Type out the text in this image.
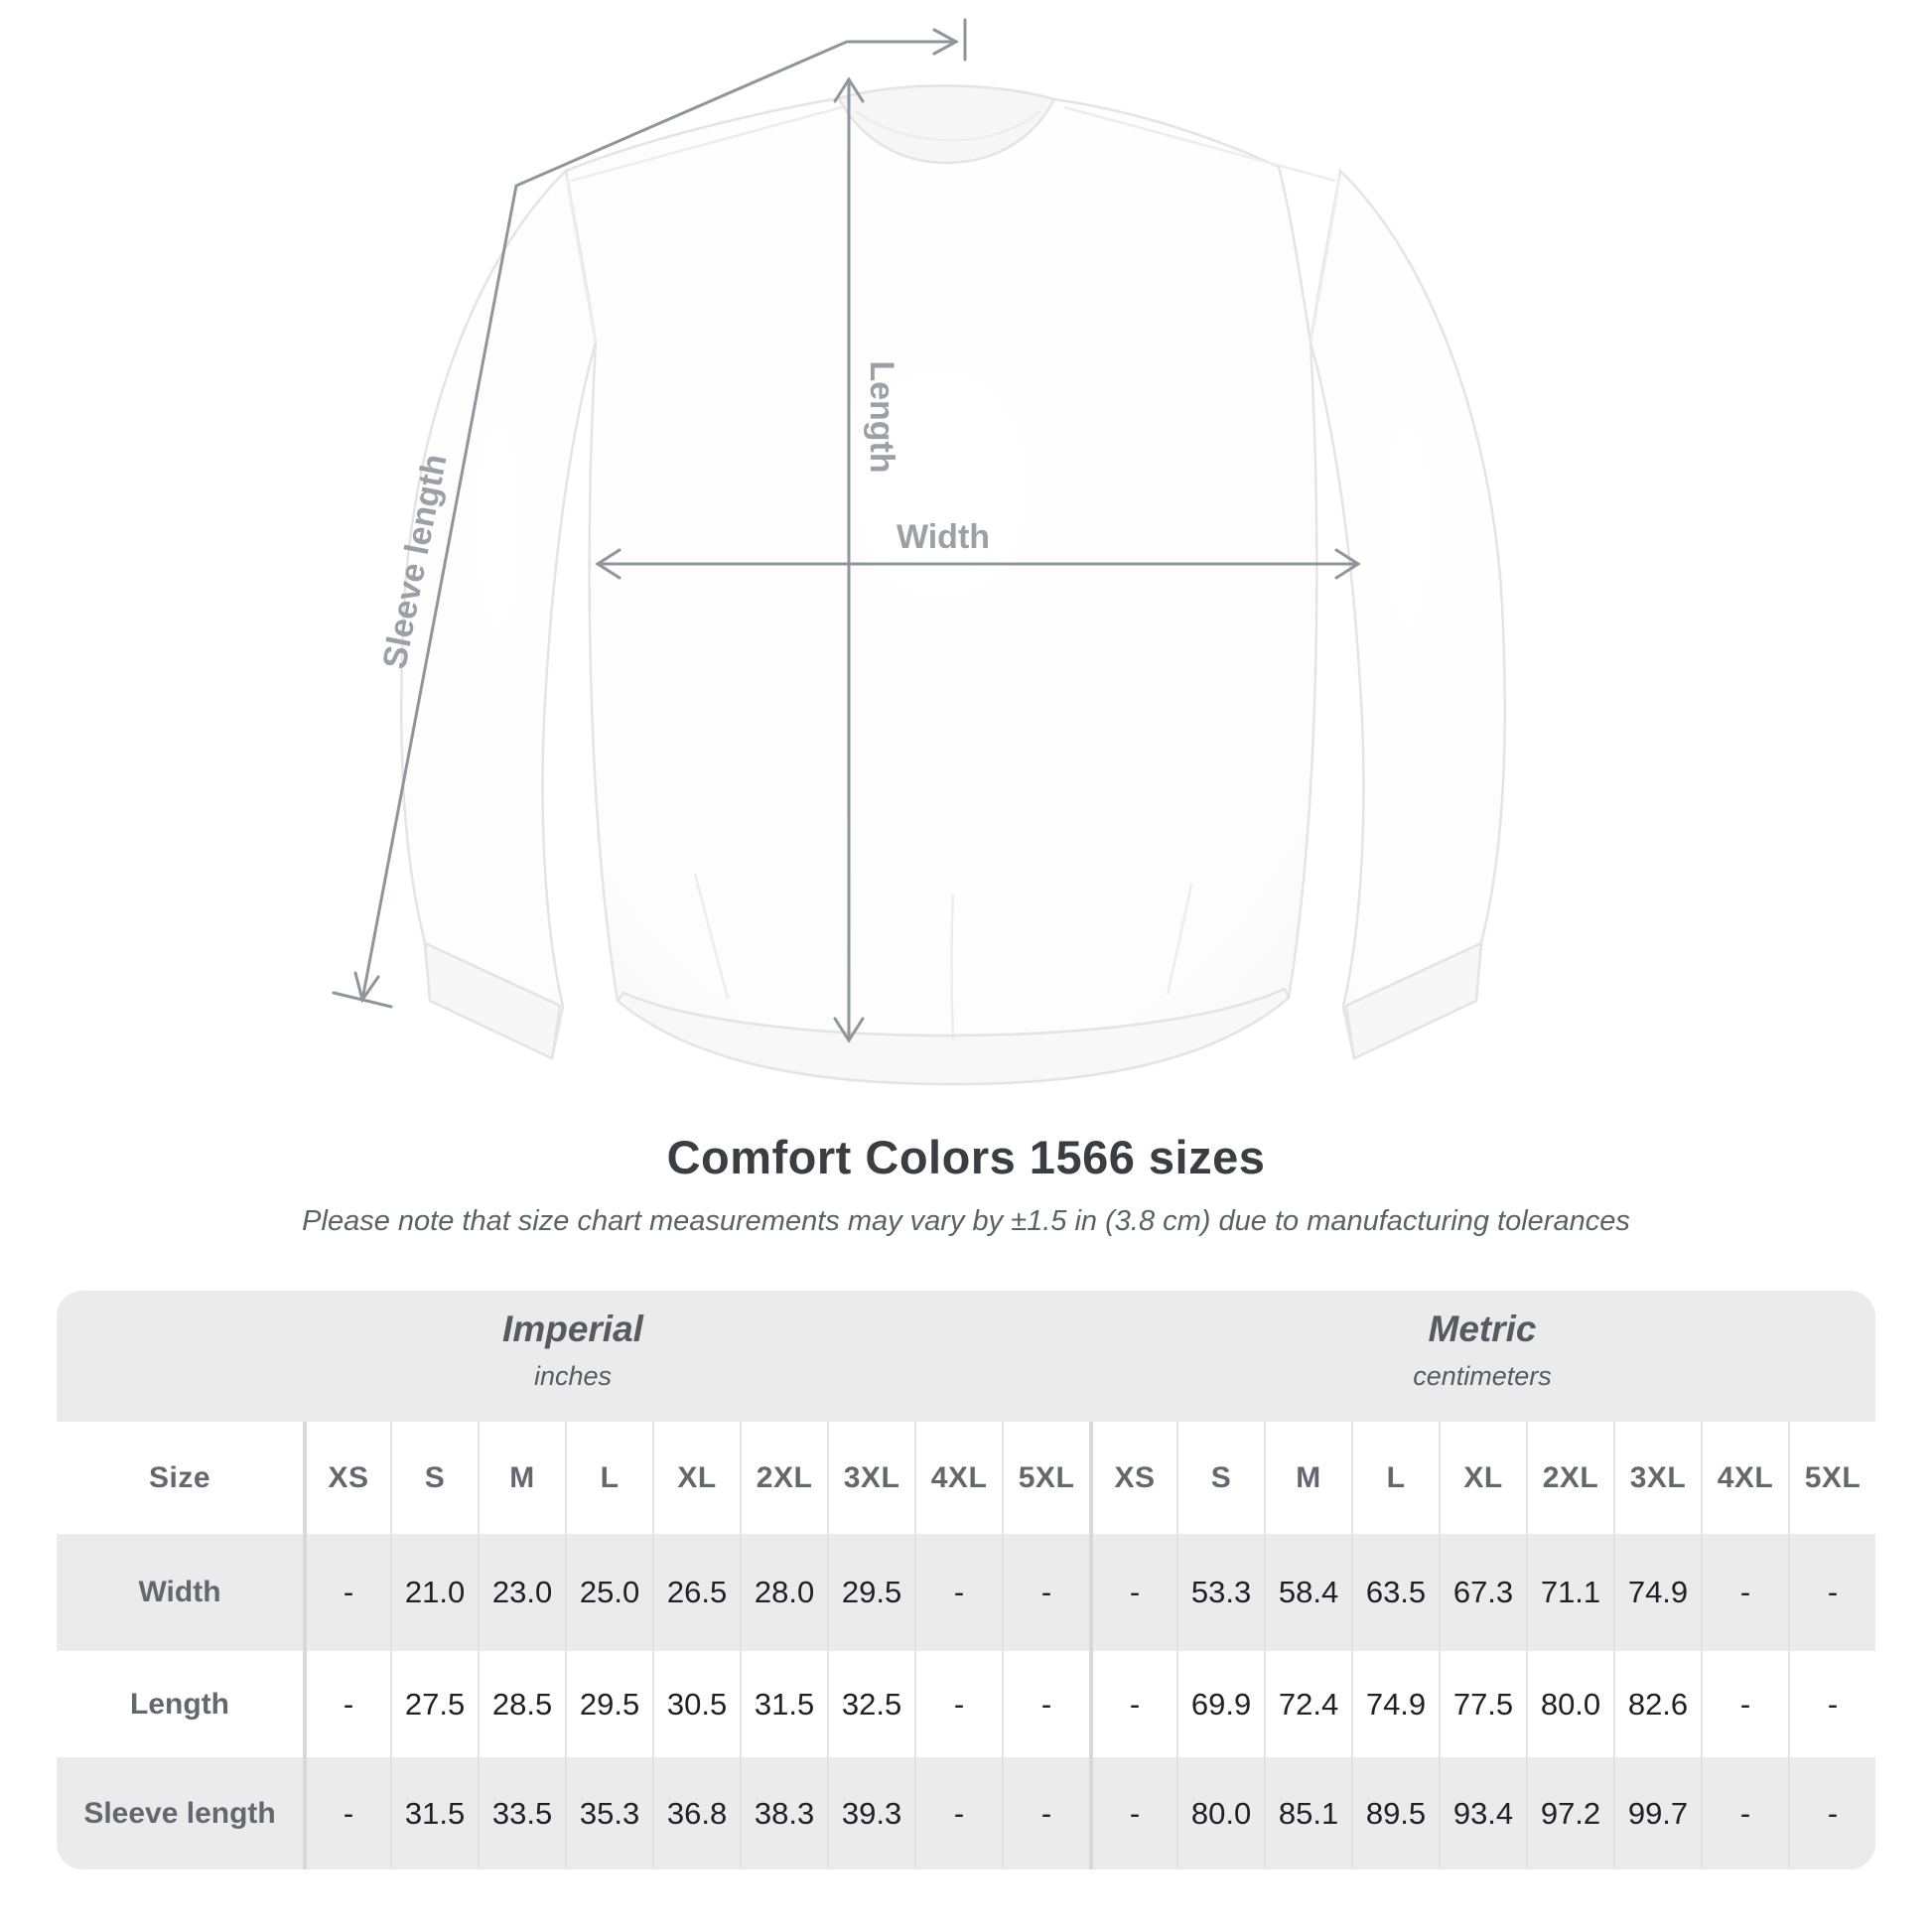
Length
Width
Sleeve length
Comfort Colors 1566 sizes
Please note that size chart measurements may vary by ±1.5 in (3.8 cm) due to manufacturing tolerances
Imperial
inches
Metric
centimeters
Size	XS	S	M	L	XL	2XL	3XL	4XL	5XL	XS	S	M	L	XL	2XL	3XL	4XL	5XL
Width	-	21.0 23.0 25.0 26.5 28.0 29.5	-	-	-	53.3 58.4 63.5 67.3 71.1 74.9	-	-
Length	-	27.5 28.5 29.5 30.5 31.5 32.5	-	-	-	69.9 72.4 74.9 77.5 80.0 82.6	-	-
Sleeve length	-	31.5 33.5 35.3 36.8 38.3 39.3	-	-	-	80.0 85.1 89.5 93.4 97.2 99.7	-	-
